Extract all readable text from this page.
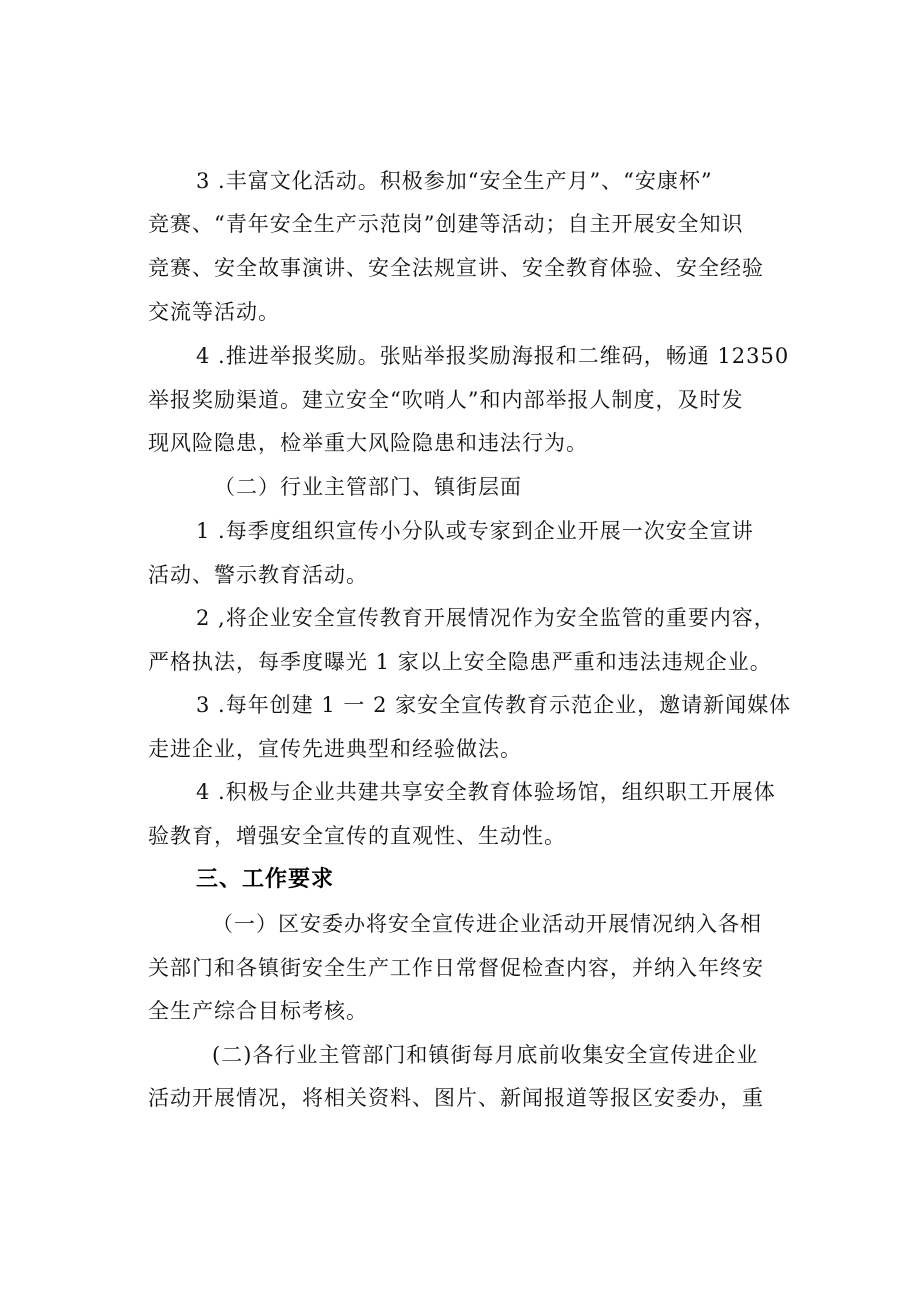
3 .丰富文化活动。积极参加“安全生产月”、“安康杯”
竞赛、“青年安全生产示范岗”创建等活动；自主开展安全知识
竞赛、安全故事演讲、安全法规宣讲、安全教育体验、安全经验
交流等活动。
4 .推进举报奖励。张贴举报奖励海报和二维码，畅通 12350
举报奖励渠道。建立安全“吹哨人”和内部举报人制度，及时发
现风险隐患，检举重大风险隐患和违法行为。
（二）行业主管部门、镇街层面
1 .每季度组织宣传小分队或专家到企业开展一次安全宣讲
活动、警示教育活动。
2 ,将企业安全宣传教育开展情况作为安全监管的重要内容，
严格执法，每季度曝光 1 家以上安全隐患严重和违法违规企业。
3 .每年创建 1 一 2 家安全宣传教育示范企业，邀请新闻媒体
走进企业，宣传先进典型和经验做法。
4 .积极与企业共建共享安全教育体验场馆，组织职工开展体
验教育，增强安全宣传的直观性、生动性。
三、工作要求
（一）区安委办将安全宣传进企业活动开展情况纳入各相
关部门和各镇街安全生产工作日常督促检查内容，并纳入年终安
全生产综合目标考核。
(二)各行业主管部门和镇街每月底前收集安全宣传进企业
活动开展情况，将相关资料、图片、新闻报道等报区安委办，重
